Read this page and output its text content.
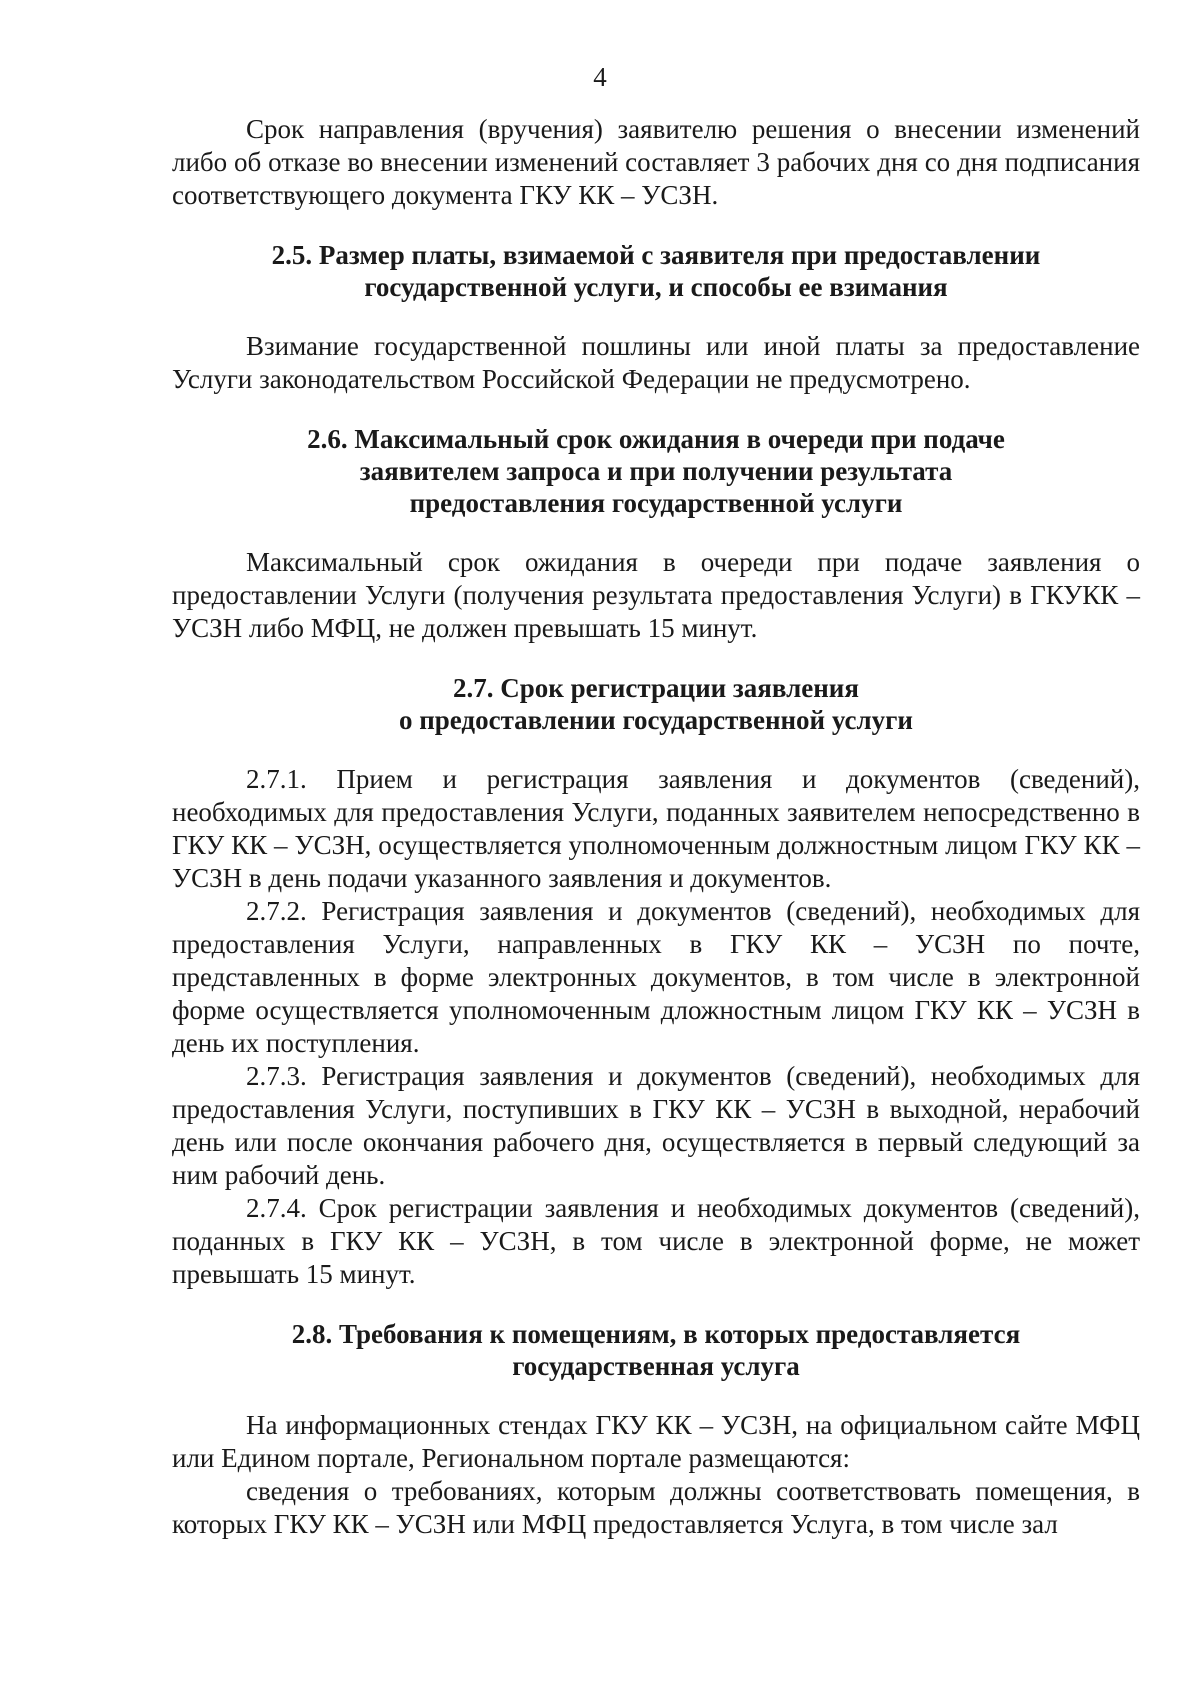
4

Срок направления (вручения) заявителю решения о внесении изменений либо об отказе во внесении изменений составляет 3 рабочих дня со дня подписания соответствующего документа ГКУ КК – УСЗН.

2.5. Размер платы, взимаемой с заявителя при предоставлении
государственной услуги, и способы ее взимания

Взимание государственной пошлины или иной платы за предоставление Услуги законодательством Российской Федерации не предусмотрено.

2.6. Максимальный срок ожидания в очереди при подаче
заявителем запроса и при получении результата
предоставления государственной услуги

Максимальный срок ожидания в очереди при подаче заявления о предоставлении Услуги (получения результата предоставления Услуги) в ГКУКК – УСЗН либо МФЦ, не должен превышать 15 минут.

2.7. Срок регистрации заявления
о предоставлении государственной услуги

2.7.1. Прием и регистрация заявления и документов (сведений), необходимых для предоставления Услуги, поданных заявителем непосредственно в ГКУ КК – УСЗН, осуществляется уполномоченным должностным лицом ГКУ КК – УСЗН в день подачи указанного заявления и документов.

2.7.2. Регистрация заявления и документов (сведений), необходимых для предоставления Услуги, направленных в ГКУ КК – УСЗН по почте, представленных в форме электронных документов, в том числе в электронной форме осуществляется уполномоченным дложностным лицом ГКУ КК – УСЗН в день их поступления.

2.7.3. Регистрация заявления и документов (сведений), необходимых для предоставления Услуги, поступивших в ГКУ КК – УСЗН в выходной, нерабочий день или после окончания рабочего дня, осуществляется в первый следующий за ним рабочий день.

2.7.4. Срок регистрации заявления и необходимых документов (сведений), поданных в ГКУ КК – УСЗН, в том числе в электронной форме, не может превышать 15 минут.

2.8. Требования к помещениям, в которых предоставляется
государственная услуга

На информационных стендах ГКУ КК – УСЗН, на официальном сайте МФЦ или Едином портале, Региональном портале размещаются:

сведения о требованиях, которым должны соответствовать помещения, в которых ГКУ КК – УСЗН или МФЦ предоставляется Услуга, в том числе зал
